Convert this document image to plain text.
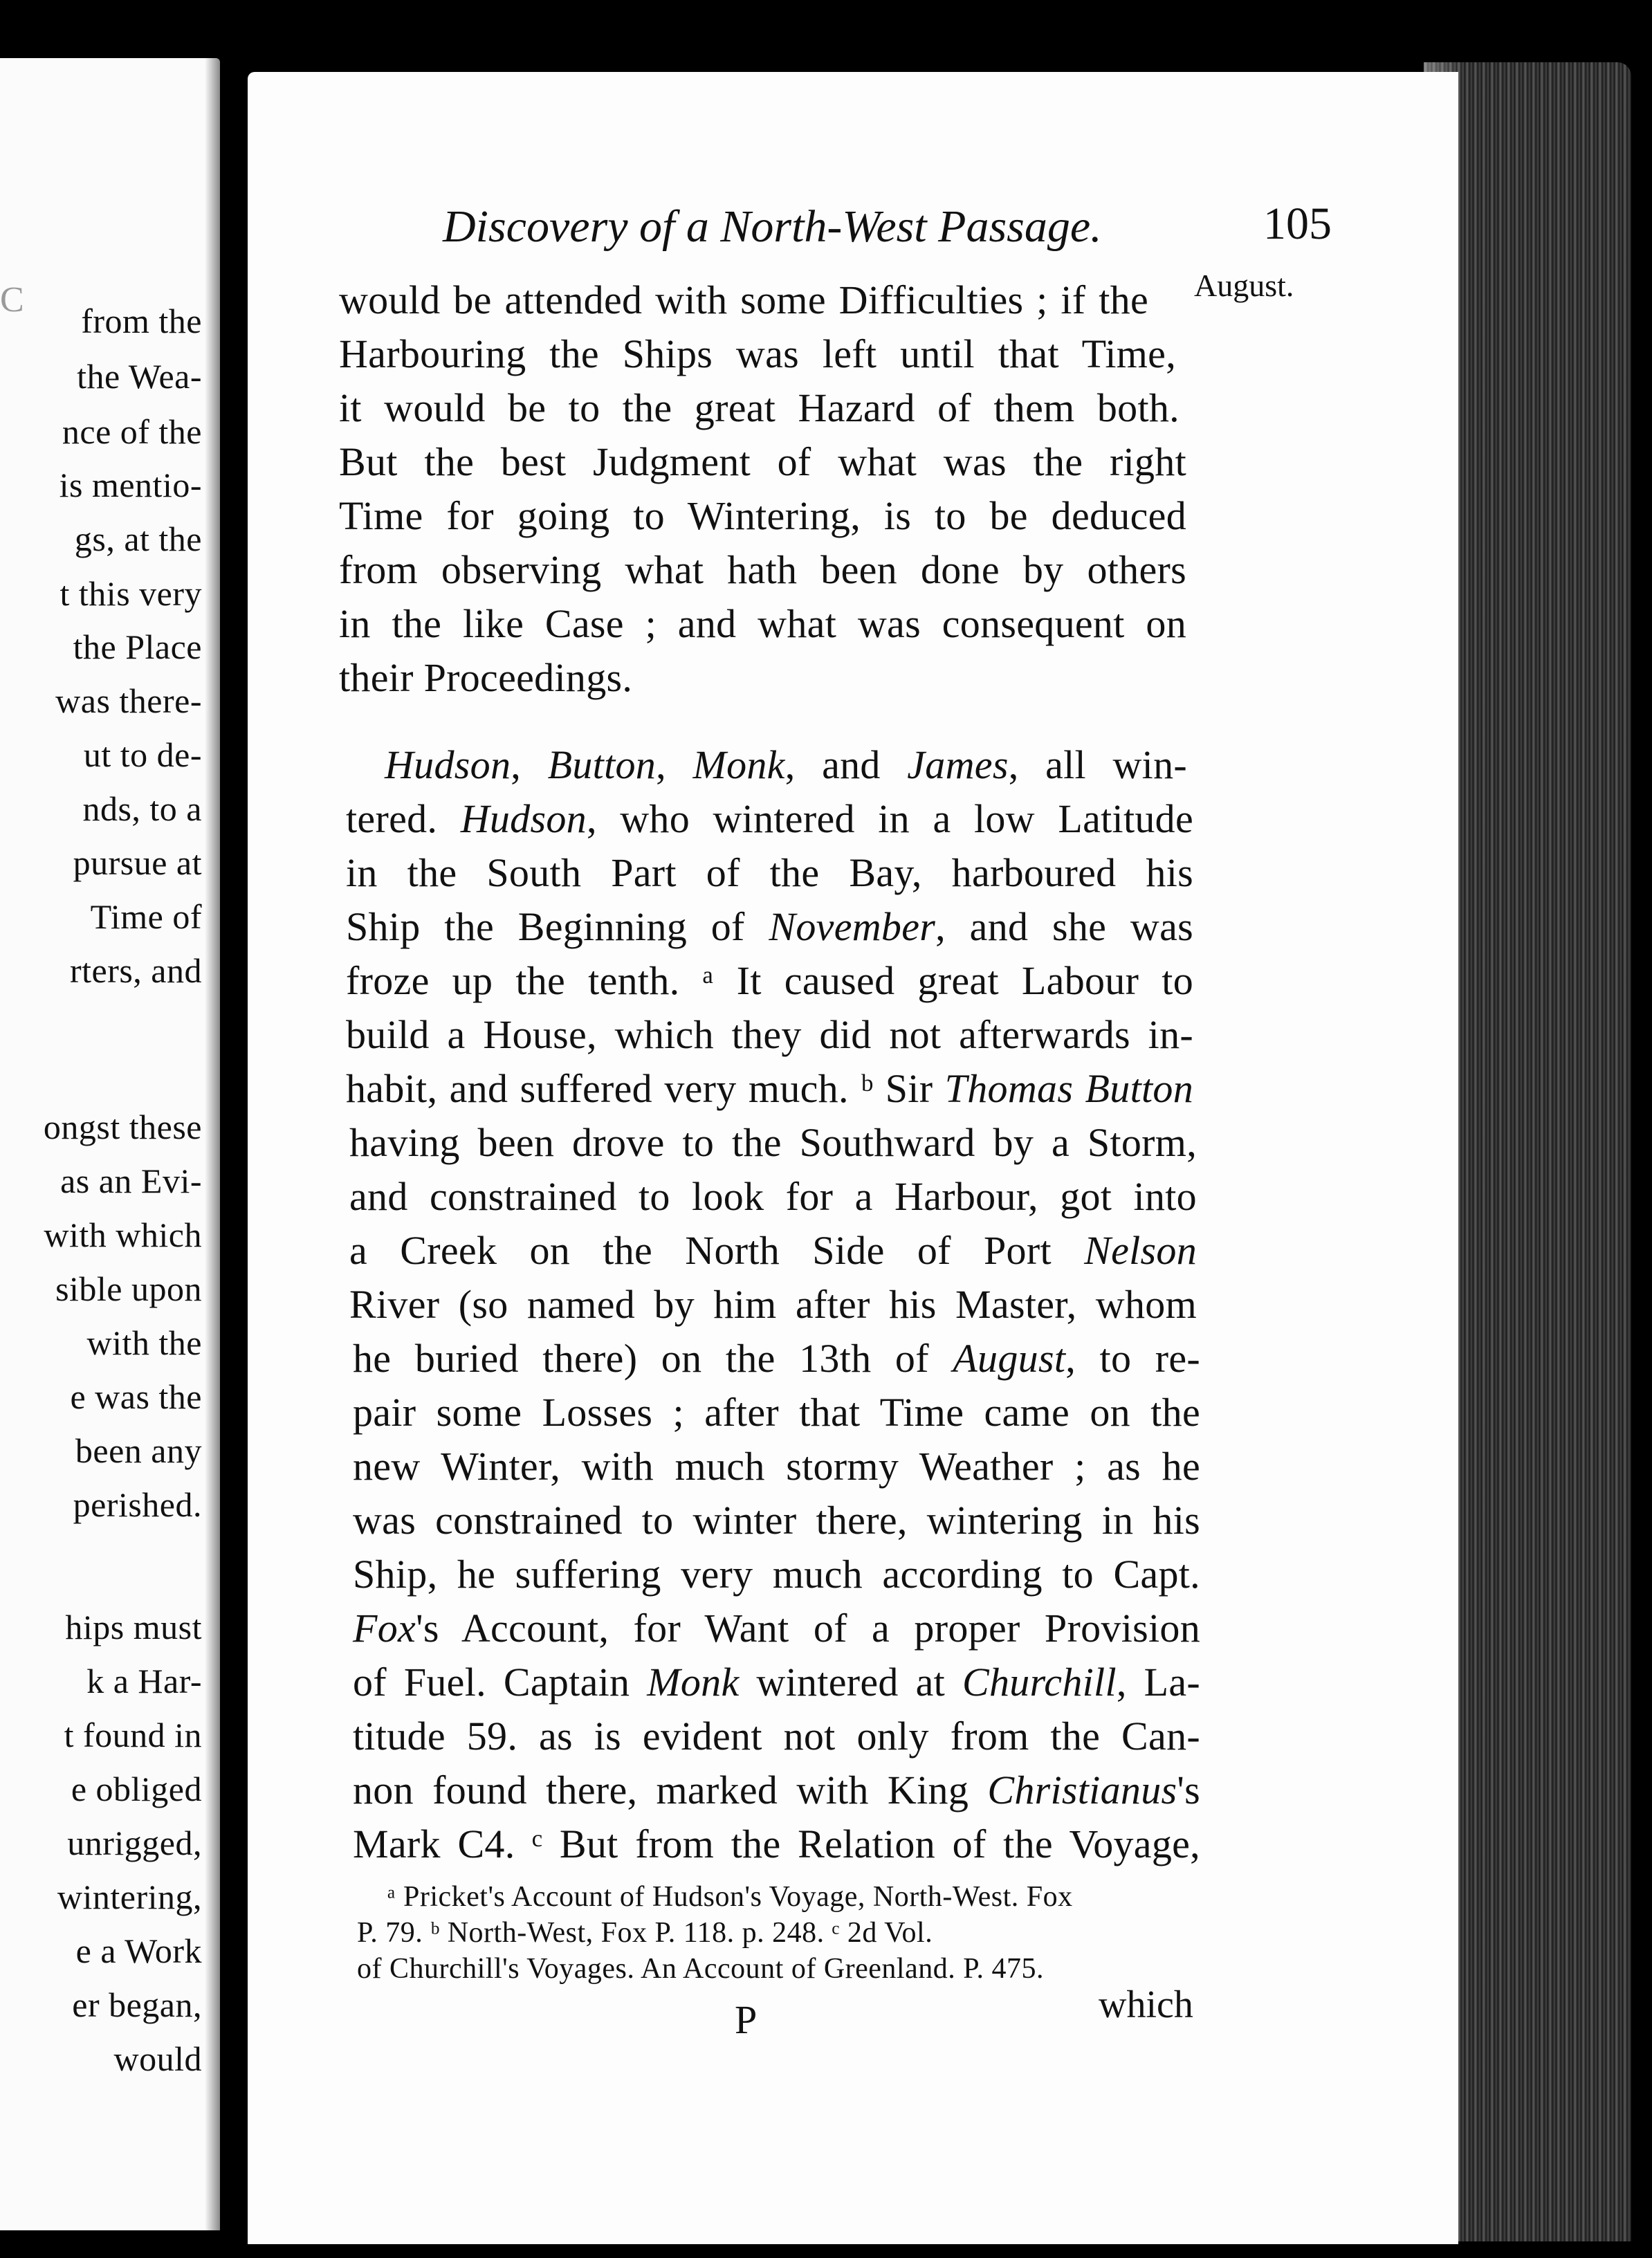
C
from the
the Wea-
nce of the
is mentio-
gs, at the
t this very
the Place
was there-
ut to de-
nds, to a
pursue at
Time of
rters, and
ongst these
as an Evi-
with which
sible upon
with the
e was the
been any
perished.
hips must
k a Har-
t found in
e obliged
unrigged,
wintering,
e a Work
er began,
would
Discovery of a North-West Passage.	105
August.
would be attended with some Difficulties ; if the
Harbouring the Ships was left until that Time,
it would be to the great Hazard of them both.
But the best Judgment of what was the right
Time for going to Wintering, is to be deduced
from observing what hath been done by others
in the like Case ; and what was consequent on
their Proceedings.
Hudson, Button, Monk, and James, all win-
tered. Hudson, who wintered in a low Latitude
in the South Part of the Bay, harboured his
Ship the Beginning of November, and she was
froze up the tenth. ᵃ It caused great Labour to
build a House, which they did not afterwards in-
habit, and suffered very much. ᵇ Sir Thomas Button
having been drove to the Southward by a Storm,
and constrained to look for a Harbour, got into
a Creek on the North Side of Port Nelson
River (so named by him after his Master, whom
he buried there) on the 13th of August, to re-
pair some Losses ; after that Time came on the
new Winter, with much stormy Weather ; as he
was constrained to winter there, wintering in his
Ship, he suffering very much according to Capt.
Fox's Account, for Want of a proper Provision
of Fuel. Captain Monk wintered at Churchill, La-
titude 59. as is evident not only from the Can-
non found there, marked with King Christianus's
Mark C4. ᶜ But from the Relation of the Voyage,
ᵃ Pricket's Account of Hudson's Voyage, North-West. Fox
P. 79. ᵇ North-West, Fox P. 118. p. 248. ᶜ 2d Vol.
of Churchill's Voyages. An Account of Greenland. P. 475.
P	which
